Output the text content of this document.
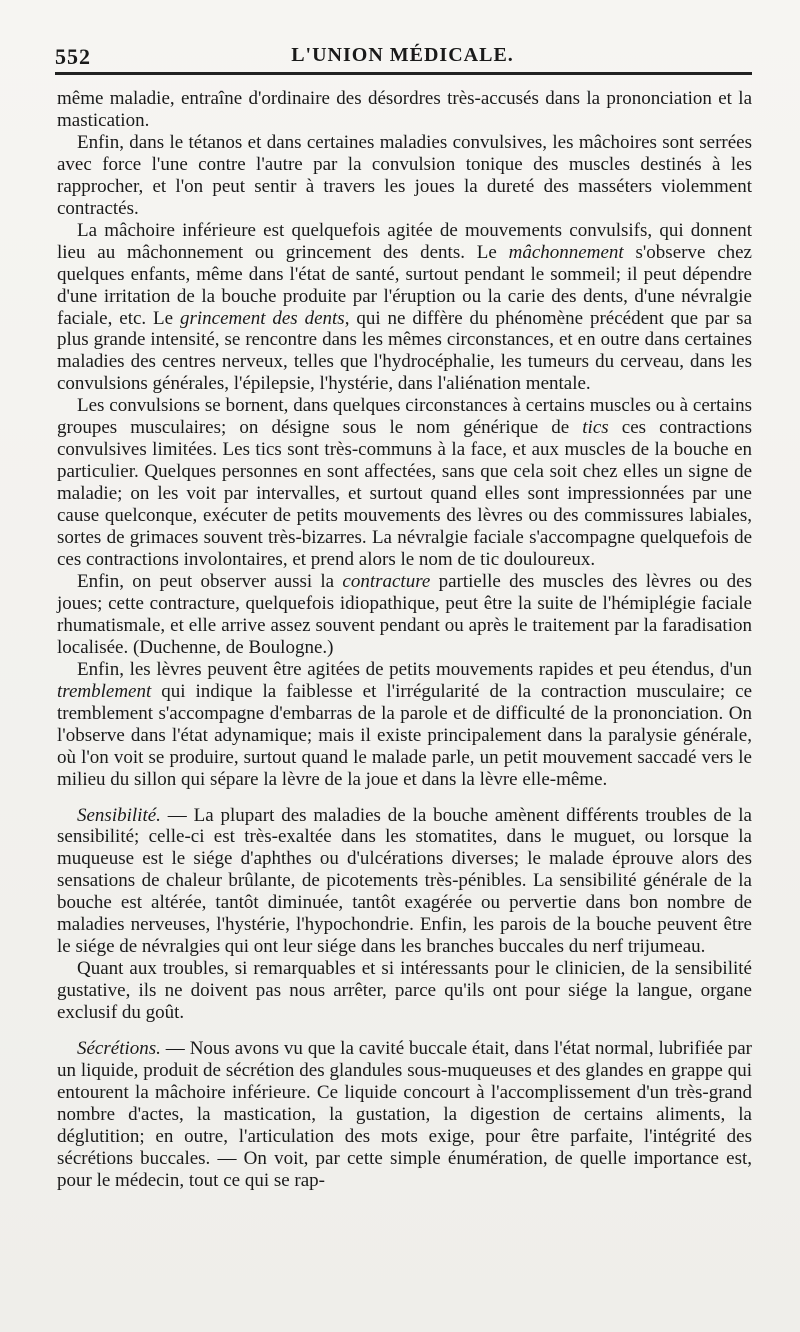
552	L'UNION MÉDICALE.

même maladie, entraîne d'ordinaire des désordres très-accusés dans la prononciation et la mastication.

Enfin, dans le tétanos et dans certaines maladies convulsives, les mâchoires sont serrées avec force l'une contre l'autre par la convulsion tonique des muscles destinés à les rapprocher, et l'on peut sentir à travers les joues la dureté des masséters violemment contractés.

La mâchoire inférieure est quelquefois agitée de mouvements convulsifs, qui donnent lieu au mâchonnement ou grincement des dents. Le mâchonnement s'observe chez quelques enfants, même dans l'état de santé, surtout pendant le sommeil; il peut dépendre d'une irritation de la bouche produite par l'éruption ou la carie des dents, d'une névralgie faciale, etc. Le grincement des dents, qui ne diffère du phénomène précédent que par sa plus grande intensité, se rencontre dans les mêmes circonstances, et en outre dans certaines maladies des centres nerveux, telles que l'hydrocéphalie, les tumeurs du cerveau, dans les convulsions générales, l'épilepsie, l'hystérie, dans l'aliénation mentale.

Les convulsions se bornent, dans quelques circonstances à certains muscles ou à certains groupes musculaires; on désigne sous le nom générique de tics ces contractions convulsives limitées. Les tics sont très-communs à la face, et aux muscles de la bouche en particulier. Quelques personnes en sont affectées, sans que cela soit chez elles un signe de maladie; on les voit par intervalles, et surtout quand elles sont impressionnées par une cause quelconque, exécuter de petits mouvements des lèvres ou des commissures labiales, sortes de grimaces souvent très-bizarres. La névralgie faciale s'accompagne quelquefois de ces contractions involontaires, et prend alors le nom de tic douloureux.

Enfin, on peut observer aussi la contracture partielle des muscles des lèvres ou des joues; cette contracture, quelquefois idiopathique, peut être la suite de l'hémiplégie faciale rhumatismale, et elle arrive assez souvent pendant ou après le traitement par la faradisation localisée. (Duchenne, de Boulogne.)

Enfin, les lèvres peuvent être agitées de petits mouvements rapides et peu étendus, d'un tremblement qui indique la faiblesse et l'irrégularité de la contraction musculaire; ce tremblement s'accompagne d'embarras de la parole et de difficulté de la prononciation. On l'observe dans l'état adynamique; mais il existe principalement dans la paralysie générale, où l'on voit se produire, surtout quand le malade parle, un petit mouvement saccadé vers le milieu du sillon qui sépare la lèvre de la joue et dans la lèvre elle-même.

Sensibilité. — La plupart des maladies de la bouche amènent différents troubles de la sensibilité; celle-ci est très-exaltée dans les stomatites, dans le muguet, ou lorsque la muqueuse est le siége d'aphthes ou d'ulcérations diverses; le malade éprouve alors des sensations de chaleur brûlante, de picotements très-pénibles. La sensibilité générale de la bouche est altérée, tantôt diminuée, tantôt exagérée ou pervertie dans bon nombre de maladies nerveuses, l'hystérie, l'hypochondrie. Enfin, les parois de la bouche peuvent être le siége de névralgies qui ont leur siége dans les branches buccales du nerf trijumeau.

Quant aux troubles, si remarquables et si intéressants pour le clinicien, de la sensibilité gustative, ils ne doivent pas nous arrêter, parce qu'ils ont pour siége la langue, organe exclusif du goût.

Sécrétions. — Nous avons vu que la cavité buccale était, dans l'état normal, lubrifiée par un liquide, produit de sécrétion des glandules sous-muqueuses et des glandes en grappe qui entourent la mâchoire inférieure. Ce liquide concourt à l'accomplissement d'un très-grand nombre d'actes, la mastication, la gustation, la digestion de certains aliments, la déglutition; en outre, l'articulation des mots exige, pour être parfaite, l'intégrité des sécrétions buccales. — On voit, par cette simple énumération, de quelle importance est, pour le médecin, tout ce qui se rap-
